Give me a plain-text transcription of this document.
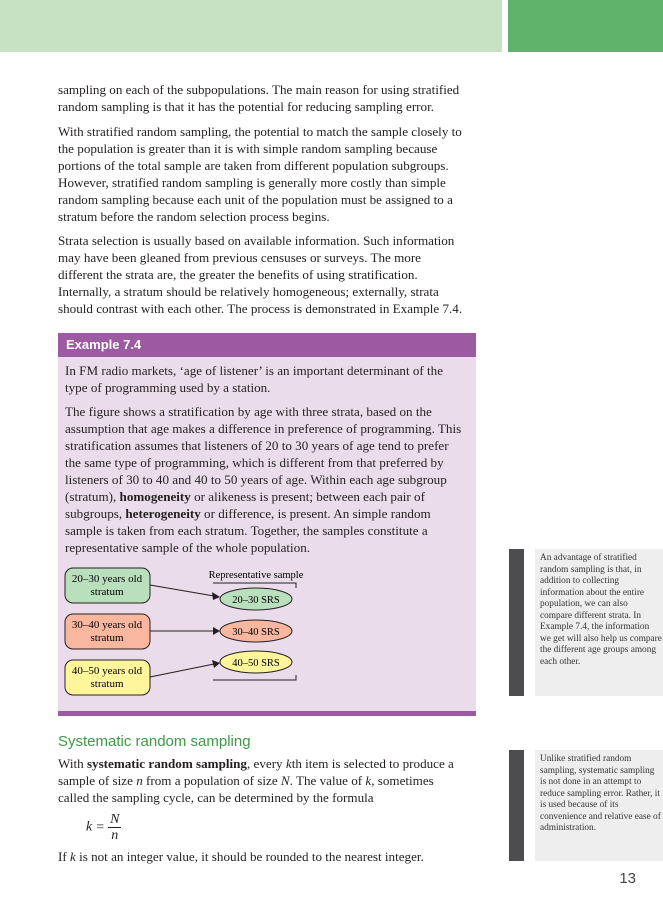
sampling on each of the subpopulations. The main reason for using stratified random sampling is that it has the potential for reducing sampling error.

With stratified random sampling, the potential to match the sample closely to the population is greater than it is with simple random sampling because portions of the total sample are taken from different population subgroups. However, stratified random sampling is generally more costly than simple random sampling because each unit of the population must be assigned to a stratum before the random selection process begins.

Strata selection is usually based on available information. Such information may have been gleaned from previous censuses or surveys. The more different the strata are, the greater the benefits of using stratification. Internally, a stratum should be relatively homogeneous; externally, strata should contrast with each other. The process is demonstrated in Example 7.4.

Example 7.4

In FM radio markets, ‘age of listener’ is an important determinant of the type of programming used by a station.

The figure shows a stratification by age with three strata, based on the assumption that age makes a difference in preference of programming. This stratification assumes that listeners of 20 to 30 years of age tend to prefer the same type of programming, which is different from that preferred by listeners of 30 to 40 and 40 to 50 years of age. Within each age subgroup (stratum), homogeneity or alikeness is present; between each pair of subgroups, heterogeneity or difference, is present. An simple random sample is taken from each stratum. Together, the samples constitute a representative sample of the whole population.

20–30 years old
stratum
30–40 years old
stratum
40–50 years old
stratum
Representative sample
20–30 SRS
30–40 SRS
40–50 SRS
Systematic random sampling

With systematic random sampling, every kth item is selected to produce a sample of size n from a population of size N. The value of k, sometimes called the sampling cycle, can be determined by the formula

$k = \frac{N}{n}$

If k is not an integer value, it should be rounded to the nearest integer.

An advantage of stratified random sampling is that, in addition to collecting information about the entire population, we can also compare different strata. In Example 7.4, the information we get will also help us compare the different age groups among each other.

Unlike stratified random sampling, systematic sampling is not done in an attempt to reduce sampling error. Rather, it is used because of its convenience and relative ease of administration.

13
